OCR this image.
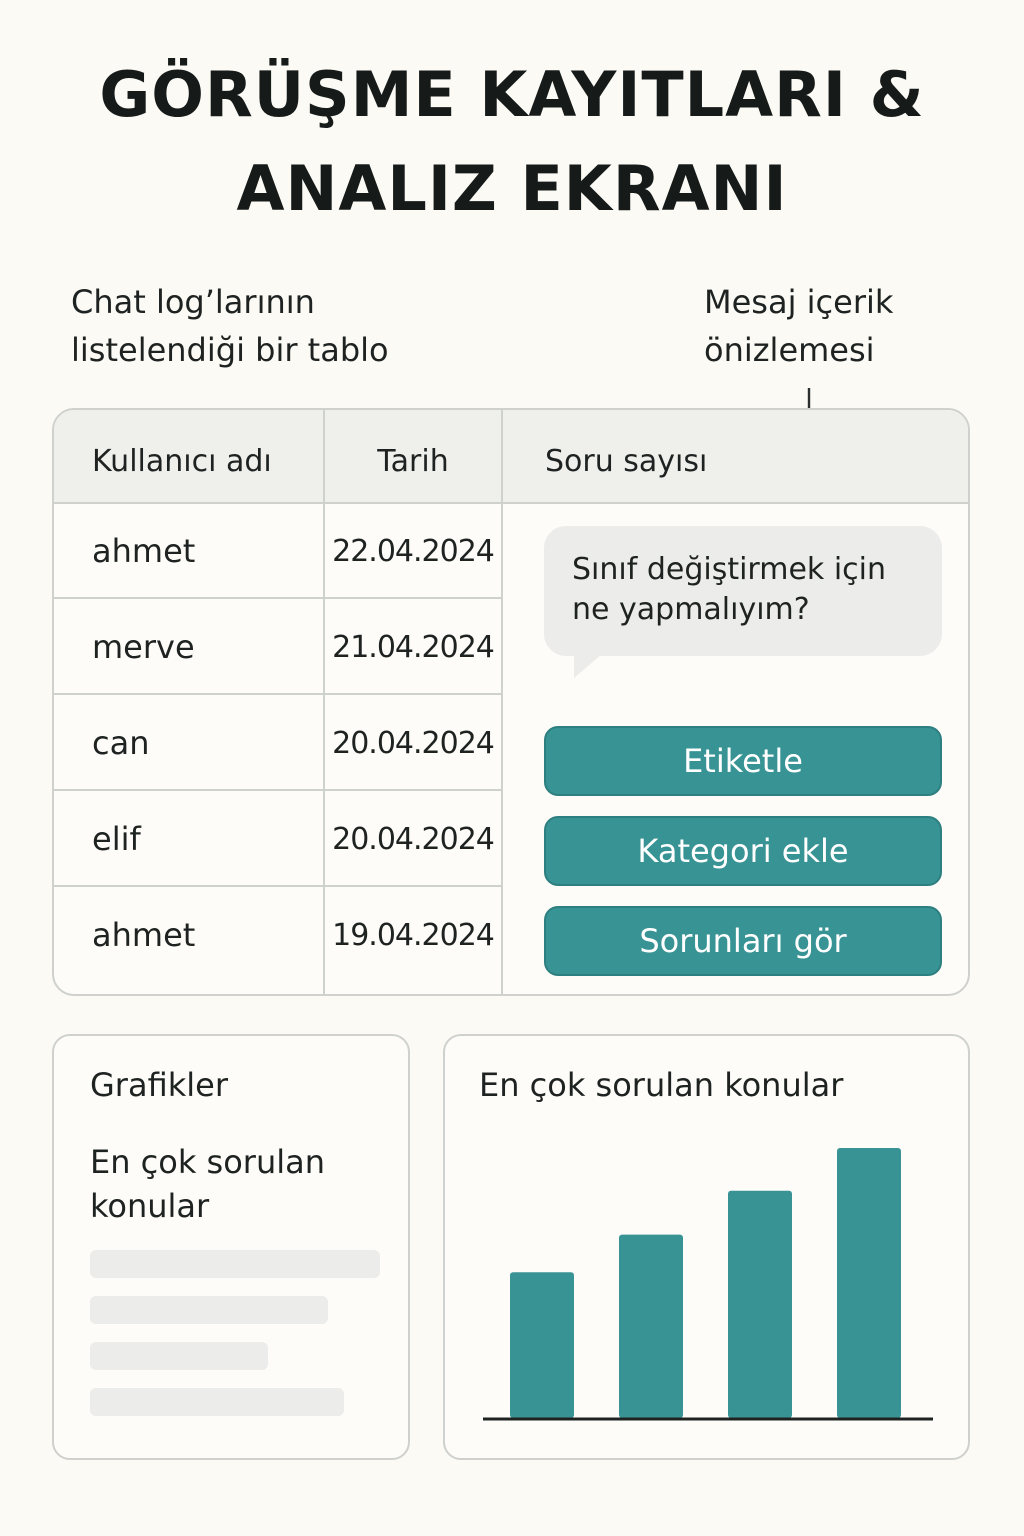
GÖRÜŞME KAYITLARI &
ANALIZ EKRANI
Chat log’larının
listelendiği bir tablo
Mesaj içerik
önizlemesi
Kullanıcı adı	Tarih	Soru sayısı
ahmet	22.04.2024
merve	21.04.2024
can	20.04.2024
elif	20.04.2024
ahmet	19.04.2024
Sınıf değiştirmek için ne yapmalıyım?
Etiketle
Kategori ekle
Sorunları gör
Grafikler
En çok sorulan konular
En çok sorulan konular
